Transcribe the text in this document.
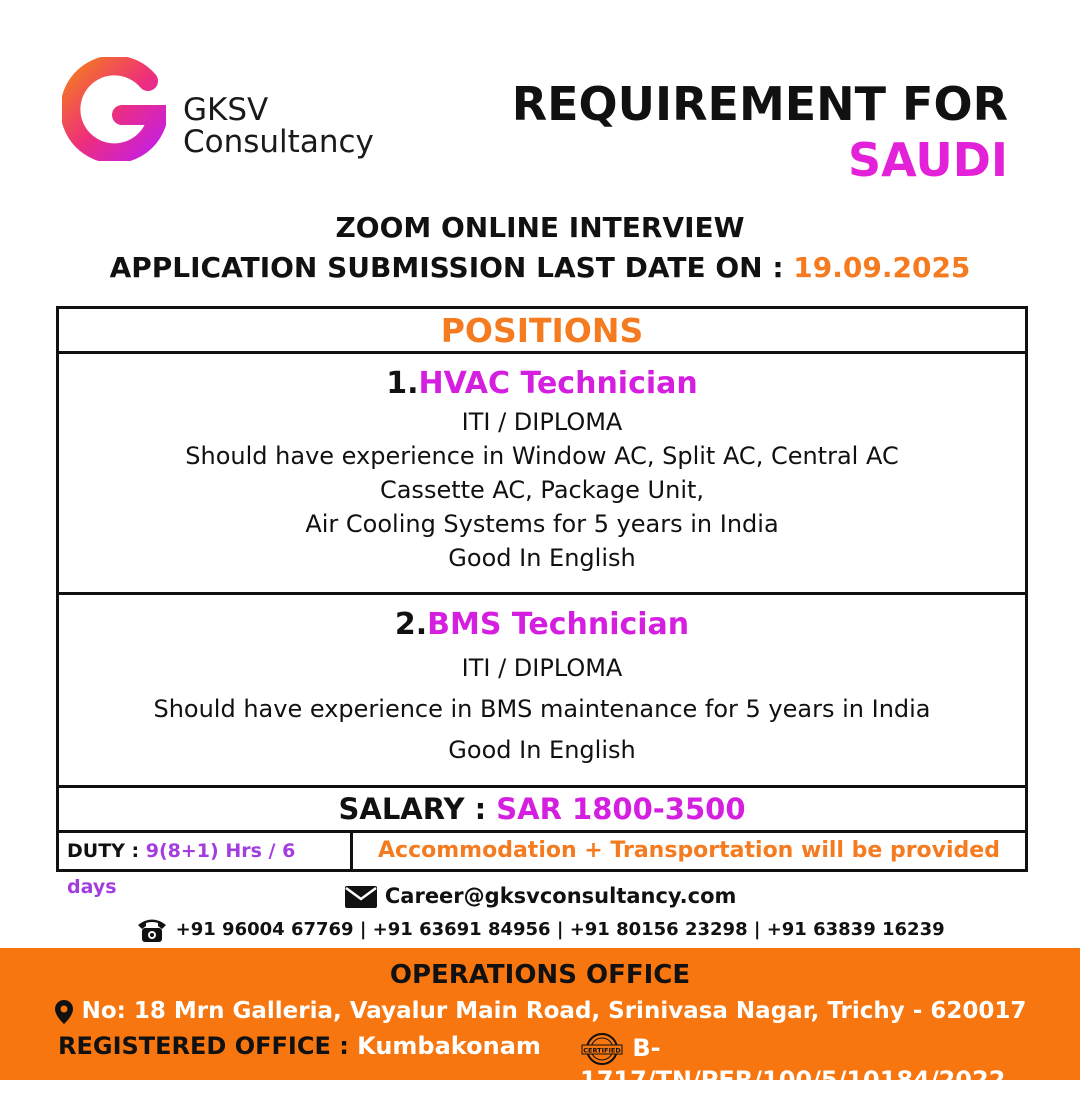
GKSV
Consultancy
REQUIREMENT FOR
SAUDI
ZOOM ONLINE INTERVIEW
APPLICATION SUBMISSION LAST DATE ON : 19.09.2025
POSITIONS
1.HVAC Technician
ITI / DIPLOMA
Should have experience in Window AC, Split AC, Central AC
Cassette AC, Package Unit,
Air Cooling Systems for 5 years in India
Good In English
2.BMS Technician
ITI / DIPLOMA
Should have experience in BMS maintenance for 5 years in India
Good In English
SALARY : SAR 1800-3500
DUTY : 9(8+1) Hrs / 6 days
Accommodation + Transportation will be provided
Career@gksvconsultancy.com
+91 96004 67769 | +91 63691 84956 | +91 80156 23298 | +91 63839 16239
OPERATIONS OFFICE
No: 18 Mrn Galleria, Vayalur Main Road, Srinivasa Nagar, Trichy - 620017
REGISTERED OFFICE : Kumbakonam	CERTIFIED B-1717/TN/PER/100/5/10184/2022
